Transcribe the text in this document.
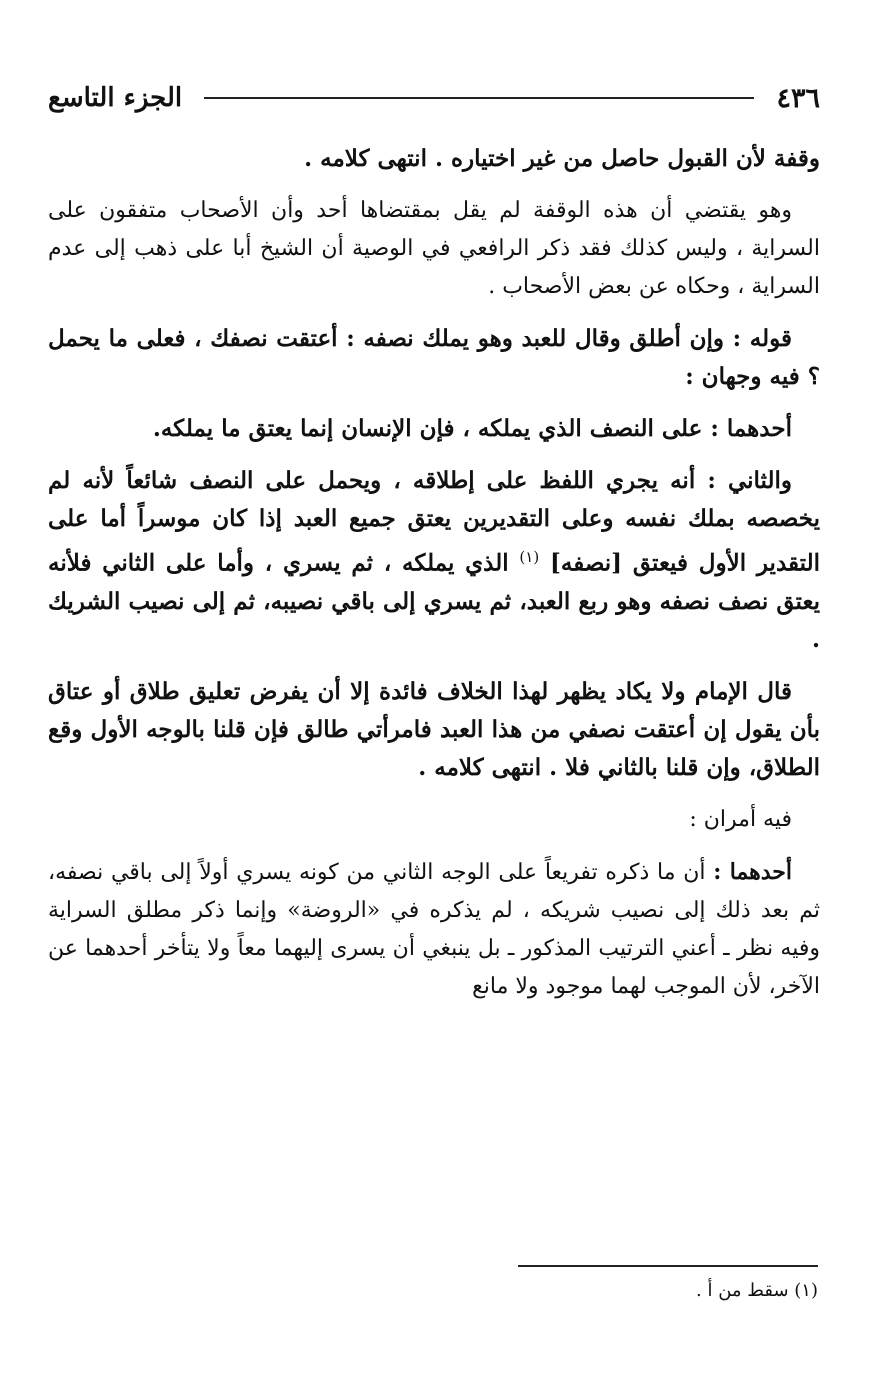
٤٣٦
الجزء التاسع

وقفة لأن القبول حاصل من غير اختياره . انتهى كلامه .

وهو يقتضي أن هذه الوقفة لم يقل بمقتضاها أحد وأن الأصحاب متفقون على السراية ، وليس كذلك فقد ذكر الرافعي في الوصية أن الشيخ أبا على ذهب إلى عدم السراية ، وحكاه عن بعض الأصحاب .

قوله : وإن أطلق وقال للعبد وهو يملك نصفه : أعتقت نصفك ، فعلى ما يحمل ؟ فيه وجهان :

أحدهما : على النصف الذي يملكه ، فإن الإنسان إنما يعتق ما يملكه.

والثاني : أنه يجري اللفظ على إطلاقه ، ويحمل على النصف شائعاً لأنه لم يخصصه بملك نفسه وعلى التقديرين يعتق جميع العبد إذا كان موسراً أما على التقدير الأول فيعتق [نصفه] $^{(١)}$ الذي يملكه ، ثم يسري ، وأما على الثاني فلأنه يعتق نصف نصفه وهو ربع العبد، ثم يسري إلى باقي نصيبه، ثم إلى نصيب الشريك .

قال الإمام ولا يكاد يظهر لهذا الخلاف فائدة إلا أن يفرض تعليق طلاق أو عتاق بأن يقول إن أعتقت نصفي من هذا العبد فامرأتي طالق فإن قلنا بالوجه الأول وقع الطلاق، وإن قلنا بالثاني فلا . انتهى كلامه .

فيه أمران :

أحدهما : أن ما ذكره تفريعاً على الوجه الثاني من كونه يسري أولاً إلى باقي نصفه، ثم بعد ذلك إلى نصيب شريكه ، لم يذكره في «الروضة» وإنما ذكر مطلق السراية وفيه نظر ـ أعني الترتيب المذكور ـ بل ينبغي أن يسرى إليهما معاً ولا يتأخر أحدهما عن الآخر، لأن الموجب لهما موجود ولا مانع

(١) سقط من أ .
